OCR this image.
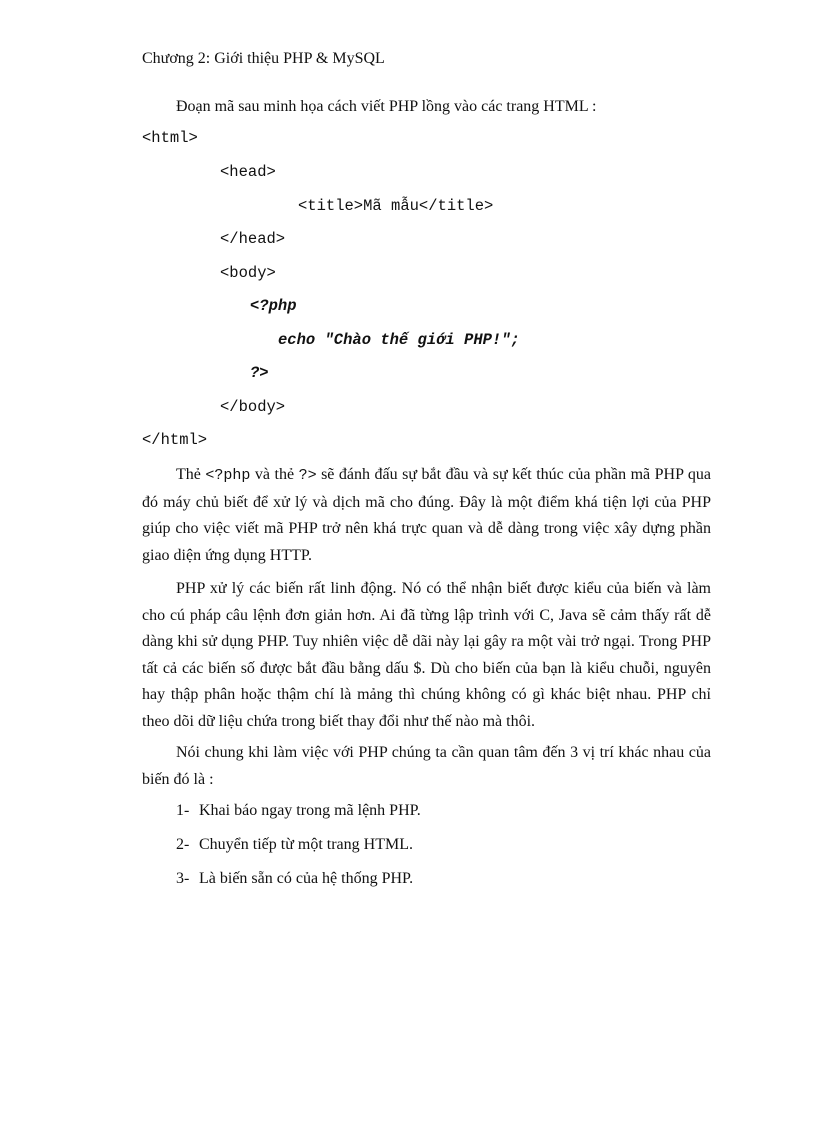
Chương 2: Giới thiệu PHP & MySQL

Đoạn mã sau minh họa cách viết PHP lồng vào các trang HTML :

<html>
<head>
<title>Mã mẫu</title>
</head>
<body>
<?php
echo "Chào thế giới PHP!";
?>
</body>
</html>

Thẻ <?php và thẻ ?> sẽ đánh đấu sự bắt đầu và sự kết thúc của phần mã PHP qua đó máy chủ biết để xử lý và dịch mã cho đúng. Đây là một điểm khá tiện lợi của PHP giúp cho việc viết mã PHP trở nên khá trực quan và dễ dàng trong việc xây dựng phần giao diện ứng dụng HTTP.

PHP xử lý các biến rất linh động. Nó có thể nhận biết được kiểu của biến và làm cho cú pháp câu lệnh đơn giản hơn. Ai đã từng lập trình với C, Java sẽ cảm thấy rất dễ dàng khi sử dụng PHP. Tuy nhiên việc dễ dãi này lại gây ra một vài trở ngại. Trong PHP tất cả các biến số được bắt đầu bằng dấu $. Dù cho biến của bạn là kiểu chuỗi, nguyên hay thập phân hoặc thậm chí là mảng thì chúng không có gì khác biệt nhau. PHP chỉ theo dõi dữ liệu chứa trong biết thay đổi như thế nào mà thôi.

Nói chung khi làm việc với PHP chúng ta cần quan tâm đến 3 vị trí khác nhau của biến đó là :

1- Khai báo ngay trong mã lệnh PHP.
2- Chuyển tiếp từ một trang HTML.
3- Là biến sẵn có của hệ thống PHP.
